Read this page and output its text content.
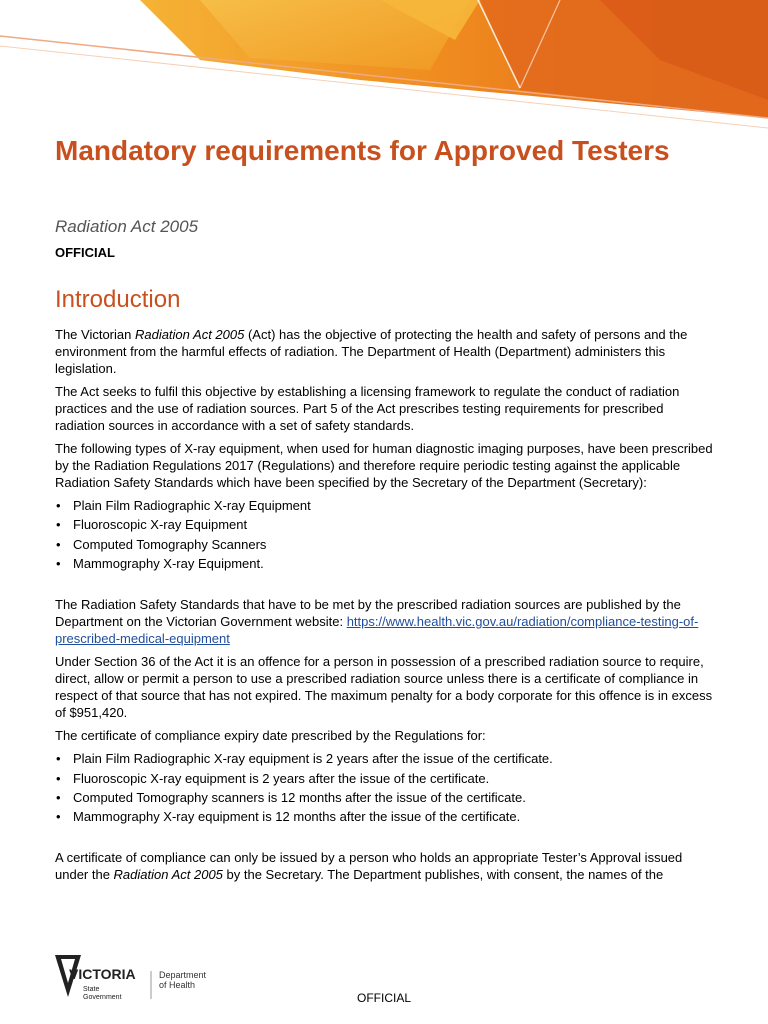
Mandatory requirements for Approved Testers

Radiation Act 2005

OFFICIAL

Introduction

The Victorian Radiation Act 2005 (Act) has the objective of protecting the health and safety of persons and the environment from the harmful effects of radiation. The Department of Health (Department) administers this legislation.

The Act seeks to fulfil this objective by establishing a licensing framework to regulate the conduct of radiation practices and the use of radiation sources. Part 5 of the Act prescribes testing requirements for prescribed radiation sources in accordance with a set of safety standards.

The following types of X-ray equipment, when used for human diagnostic imaging purposes, have been prescribed by the Radiation Regulations 2017 (Regulations) and therefore require periodic testing against the applicable Radiation Safety Standards which have been specified by the Secretary of the Department (Secretary):

• Plain Film Radiographic X-ray Equipment
• Fluoroscopic X-ray Equipment
• Computed Tomography Scanners
• Mammography X-ray Equipment.

The Radiation Safety Standards that have to be met by the prescribed radiation sources are published by the Department on the Victorian Government website: https://www.health.vic.gov.au/radiation/compliance-testing-of-prescribed-medical-equipment

Under Section 36 of the Act it is an offence for a person in possession of a prescribed radiation source to require, direct, allow or permit a person to use a prescribed radiation source unless there is a certificate of compliance in respect of that source that has not expired. The maximum penalty for a body corporate for this offence is in excess of $951,420.

The certificate of compliance expiry date prescribed by the Regulations for:

• Plain Film Radiographic X-ray equipment is 2 years after the issue of the certificate.
• Fluoroscopic X-ray equipment is 2 years after the issue of the certificate.
• Computed Tomography scanners is 12 months after the issue of the certificate.
• Mammography X-ray equipment is 12 months after the issue of the certificate.

A certificate of compliance can only be issued by a person who holds an appropriate Tester’s Approval issued under the Radiation Act 2005 by the Secretary. The Department publishes, with consent, the names of the

VICTORIA
State
Government
Department
of Health
OFFICIAL
